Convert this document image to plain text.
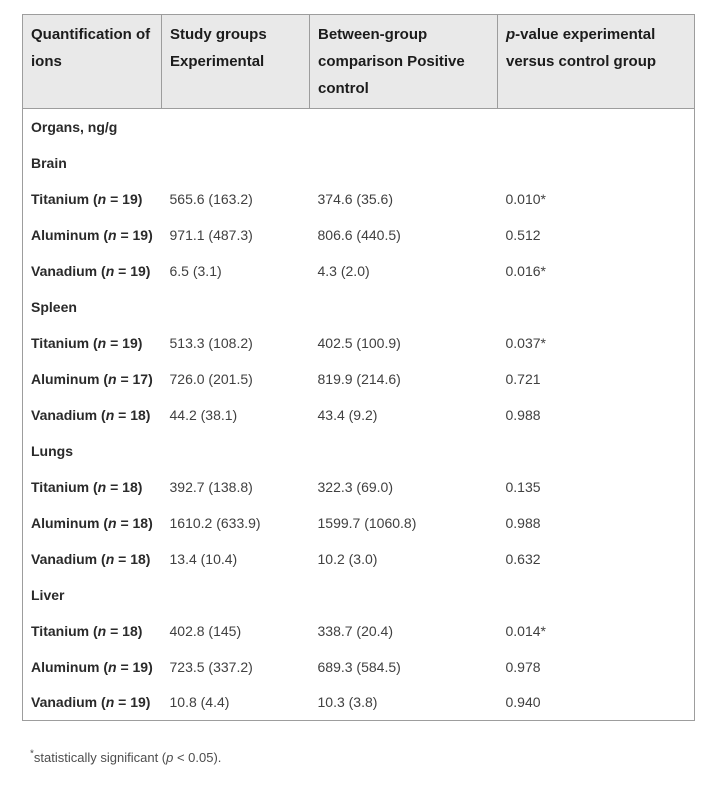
Quantification of ions	Study groups Experimental	Between-group comparison Positive control	p-value experimental versus control group
Organs, ng/g			
Brain			
Titanium (n = 19)	565.6 (163.2)	374.6 (35.6)	0.010*
Aluminum (n = 19)	971.1 (487.3)	806.6 (440.5)	0.512
Vanadium (n = 19)	6.5 (3.1)	4.3 (2.0)	0.016*
Spleen			
Titanium (n = 19)	513.3 (108.2)	402.5 (100.9)	0.037*
Aluminum (n = 17)	726.0 (201.5)	819.9 (214.6)	0.721
Vanadium (n = 18)	44.2 (38.1)	43.4 (9.2)	0.988
Lungs			
Titanium (n = 18)	392.7 (138.8)	322.3 (69.0)	0.135
Aluminum (n = 18)	1610.2 (633.9)	1599.7 (1060.8)	0.988
Vanadium (n = 18)	13.4 (10.4)	10.2 (3.0)	0.632
Liver			
Titanium (n = 18)	402.8 (145)	338.7 (20.4)	0.014*
Aluminum (n = 19)	723.5 (337.2)	689.3 (584.5)	0.978
Vanadium (n = 19)	10.8 (4.4)	10.3 (3.8)	0.940

*statistically significant (p < 0.05).
